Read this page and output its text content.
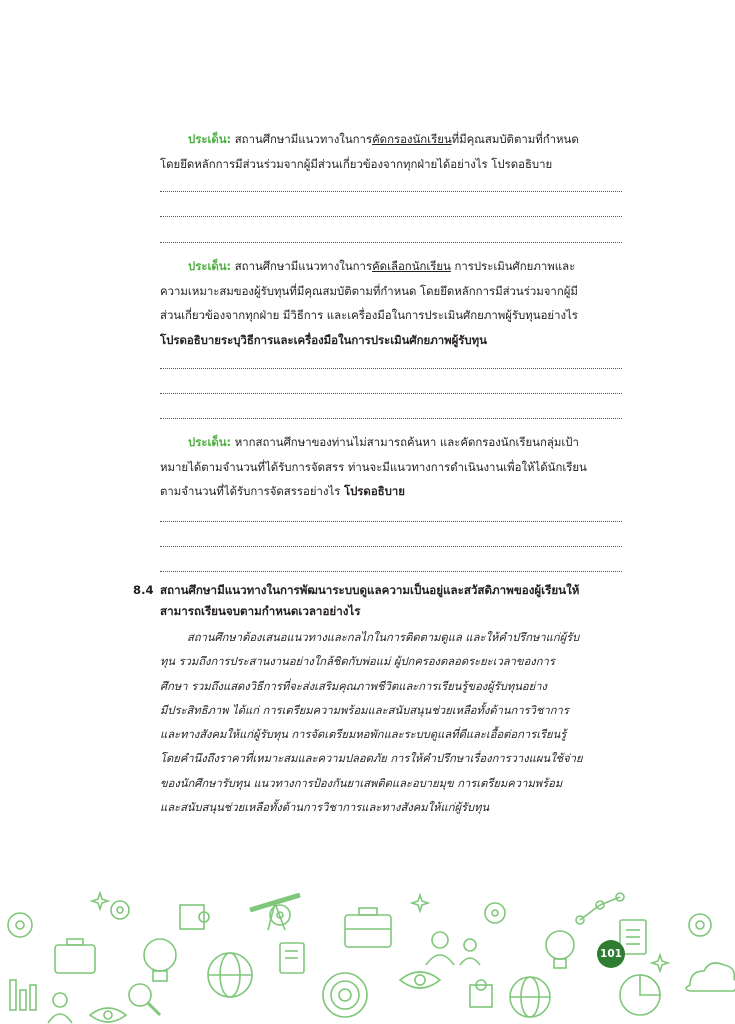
ประเด็น: สถานศึกษามีแนวทางในการคัดกรองนักเรียนที่มีคุณสมบัติตามที่กำหนด
โดยยึดหลักการมีส่วนร่วมจากผู้มีส่วนเกี่ยวข้องจากทุกฝ่ายได้อย่างไร โปรดอธิบาย
ประเด็น: สถานศึกษามีแนวทางในการคัดเลือกนักเรียน การประเมินศักยภาพและ
ความเหมาะสมของผู้รับทุนที่มีคุณสมบัติตามที่กำหนด โดยยึดหลักการมีส่วนร่วมจากผู้มี
ส่วนเกี่ยวข้องจากทุกฝ่าย มีวิธีการ และเครื่องมือในการประเมินศักยภาพผู้รับทุนอย่างไร
โปรดอธิบายระบุวิธีการและเครื่องมือในการประเมินศักยภาพผู้รับทุน
ประเด็น: หากสถานศึกษาของท่านไม่สามารถค้นหา และคัดกรองนักเรียนกลุ่มเป้า
หมายได้ตามจำนวนที่ได้รับการจัดสรร ท่านจะมีแนวทางการดำเนินงานเพื่อให้ได้นักเรียน
ตามจำนวนที่ได้รับการจัดสรรอย่างไร โปรดอธิบาย
8.4 สถานศึกษามีแนวทางในการพัฒนาระบบดูแลความเป็นอยู่และสวัสดิภาพของผู้เรียนให้
สามารถเรียนจบตามกำหนดเวลาอย่างไร
สถานศึกษาต้องเสนอแนวทางและกลไกในการติดตามดูแล และให้คำปรึกษาแก่ผู้รับ
ทุน รวมถึงการประสานงานอย่างใกล้ชิดกับพ่อแม่ ผู้ปกครองตลอดระยะเวลาของการ
ศึกษา รวมถึงแสดงวิธีการที่จะส่งเสริมคุณภาพชีวิตและการเรียนรู้ของผู้รับทุนอย่าง
มีประสิทธิภาพ ได้แก่ การเตรียมความพร้อมและสนับสนุนช่วยเหลือทั้งด้านการวิชาการ
และทางสังคมให้แก่ผู้รับทุน การจัดเตรียมหอพักและระบบดูแลที่ดีและเอื้อต่อการเรียนรู้
โดยคำนึงถึงราคาที่เหมาะสมและความปลอดภัย การให้คำปรึกษาเรื่องการวางแผนใช้จ่าย
ของนักศึกษารับทุน แนวทางการป้องกันยาเสพติดและอบายมุข การเตรียมความพร้อม
และสนับสนุนช่วยเหลือทั้งด้านการวิชาการและทางสังคมให้แก่ผู้รับทุน
101
